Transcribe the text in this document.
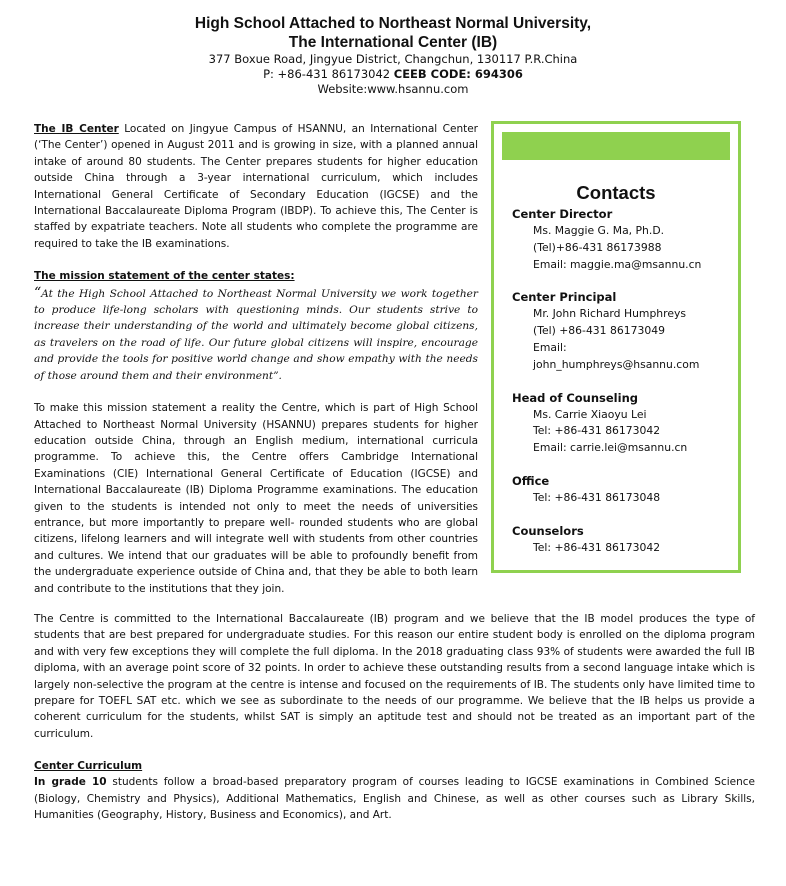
High School Attached to Northeast Normal University,
The International Center (IB)
377 Boxue Road, Jingyue District, Changchun, 130117 P.R.China
P: +86-431 86173042 CEEB CODE: 694306
Website:www.hsannu.com

The IB Center Located on Jingyue Campus of HSANNU, an International Center (‘The Center’) opened in August 2011 and is growing in size, with a planned annual intake of around 80 students. The Center prepares students for higher education outside China through a 3-year international curriculum, which includes International General Certificate of Secondary Education (IGCSE) and the International Baccalaureate Diploma Program (IBDP). To achieve this, The Center is staffed by expatriate teachers. Note all students who complete the programme are required to take the IB examinations.

The mission statement of the center states:

“At the High School Attached to Northeast Normal University we work together to produce life-long scholars with questioning minds. Our students strive to increase their understanding of the world and ultimately become global citizens, as travelers on the road of life. Our future global citizens will inspire, encourage and provide the tools for positive world change and show empathy with the needs of those around them and their environment”.

To make this mission statement a reality the Centre, which is part of High School Attached to Northeast Normal University (HSANNU) prepares students for higher education outside China, through an English medium, international curricula programme. To achieve this, the Centre offers Cambridge International Examinations (CIE) International General Certificate of Education (IGCSE) and International Baccalaureate (IB) Diploma Programme examinations. The education given to the students is intended not only to meet the needs of universities entrance, but more importantly to prepare well- rounded students who are global citizens, lifelong learners and will integrate well with students from other countries and cultures. We intend that our graduates will be able to profoundly benefit from the undergraduate experience outside of China and, that they be able to both learn and contribute to the institutions that they join.

Contacts
Center Director
Ms. Maggie G. Ma, Ph.D.
(Tel)+86-431 86173988
Email: maggie.ma@msannu.cn
Center Principal
Mr. John Richard Humphreys
(Tel) +86-431 86173049
Email:
john_humphreys@hsannu.com
Head of Counseling
Ms. Carrie Xiaoyu Lei
Tel: +86-431 86173042
Email: carrie.lei@msannu.cn
Office
Tel: +86-431 86173048
Counselors
Tel: +86-431 86173042
The Centre is committed to the International Baccalaureate (IB) program and we believe that the IB model produces the type of students that are best prepared for undergraduate studies. For this reason our entire student body is enrolled on the diploma program and with very few exceptions they will complete the full diploma. In the 2018 graduating class 93% of students were awarded the full IB diploma, with an average point score of 32 points. In order to achieve these outstanding results from a second language intake which is largely non-selective the program at the centre is intense and focused on the requirements of IB. The students only have limited time to prepare for TOEFL SAT etc. which we see as subordinate to the needs of our programme. We believe that the IB helps us provide a coherent curriculum for the students, whilst SAT is simply an aptitude test and should not be treated as an important part of the curriculum.
Center Curriculum
In grade 10 students follow a broad-based preparatory program of courses leading to IGCSE examinations in Combined Science (Biology, Chemistry and Physics), Additional Mathematics, English and Chinese, as well as other courses such as Library Skills, Humanities (Geography, History, Business and Economics), and Art.
